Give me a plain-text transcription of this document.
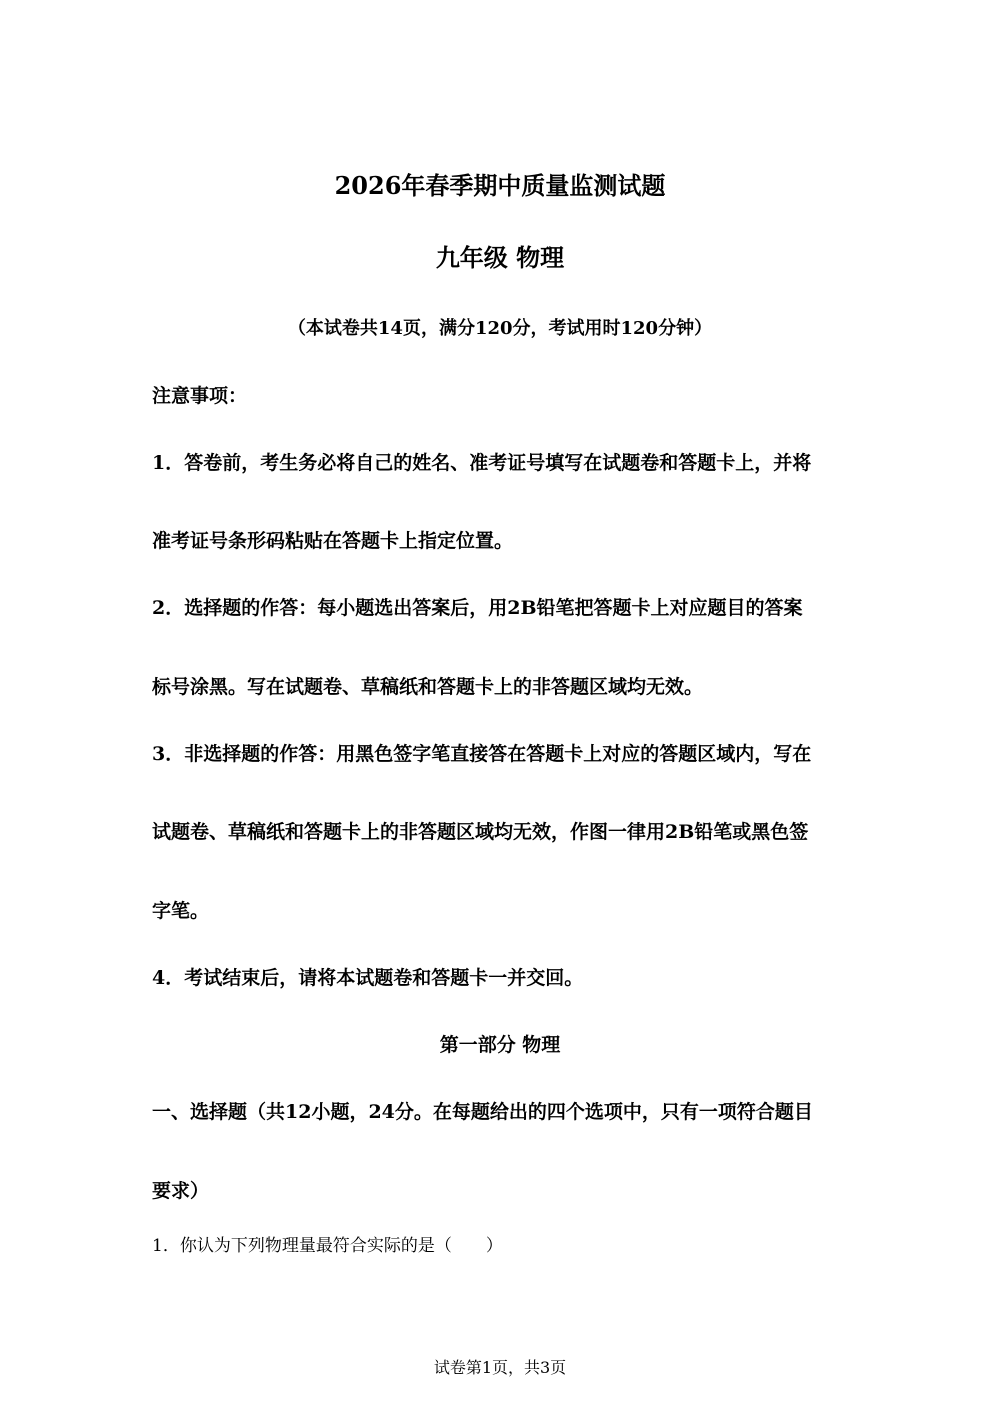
2026年春季期中质量监测试题
九年级 物理
（本试卷共14页，满分120分，考试用时120分钟）
注意事项：
1．答卷前，考生务必将自己的姓名、准考证号填写在试题卷和答题卡上，并将
准考证号条形码粘贴在答题卡上指定位置。
2．选择题的作答：每小题选出答案后，用2B铅笔把答题卡上对应题目的答案
标号涂黑。写在试题卷、草稿纸和答题卡上的非答题区域均无效。
3．非选择题的作答：用黑色签字笔直接答在答题卡上对应的答题区域内，写在
试题卷、草稿纸和答题卡上的非答题区域均无效，作图一律用2B铅笔或黑色签
字笔。
4．考试结束后，请将本试题卷和答题卡一并交回。
第一部分 物理
一、选择题（共12小题，24分。在每题给出的四个选项中，只有一项符合题目
要求）
1．你认为下列物理量最符合实际的是（　　）
试卷第1页，共3页
